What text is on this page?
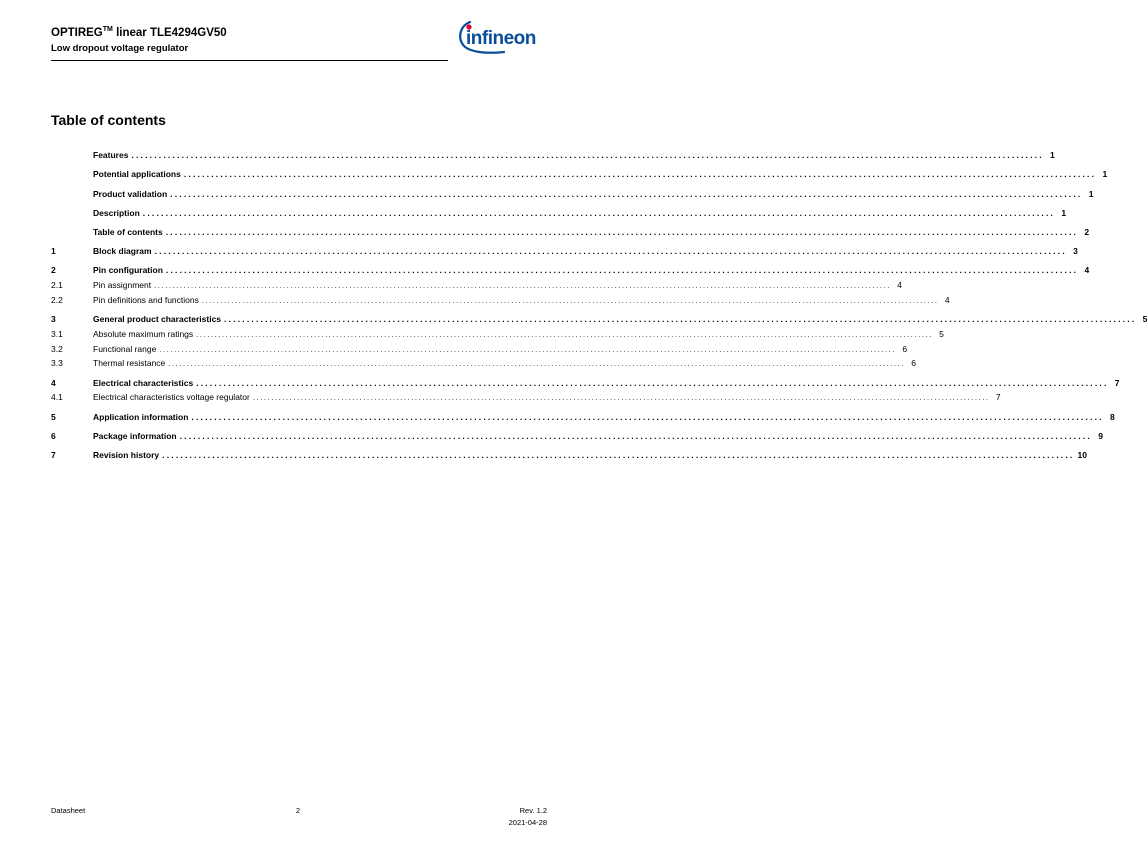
OPTIREG™ linear TLE4294GV50
Low dropout voltage regulator	infineon
Table of contents
Features ........................................................................................................................................................................................................ 1
Potential applications ........................................................................................................................................................................................................ 1
Product validation ........................................................................................................................................................................................................ 1
Description ........................................................................................................................................................................................................ 1
Table of contents ........................................................................................................................................................................................................ 2
1	Block diagram ........................................................................................................................................................................................................ 3
2	Pin configuration ........................................................................................................................................................................................................ 4
2.1	Pin assignment ........................................................................................................................................................................................................ 4
2.2	Pin definitions and functions ........................................................................................................................................................................................................ 4
3	General product characteristics ........................................................................................................................................................................................................ 5
3.1	Absolute maximum ratings ........................................................................................................................................................................................................ 5
3.2	Functional range ........................................................................................................................................................................................................ 6
3.3	Thermal resistance ........................................................................................................................................................................................................ 6
4	Electrical characteristics ........................................................................................................................................................................................................ 7
4.1	Electrical characteristics voltage regulator ........................................................................................................................................................................................................ 7
5	Application information ........................................................................................................................................................................................................ 8
6	Package information ........................................................................................................................................................................................................ 9
7	Revision history ........................................................................................................................................................................................................ 10
Datasheet	2	Rev. 1.2
2021-04-28
